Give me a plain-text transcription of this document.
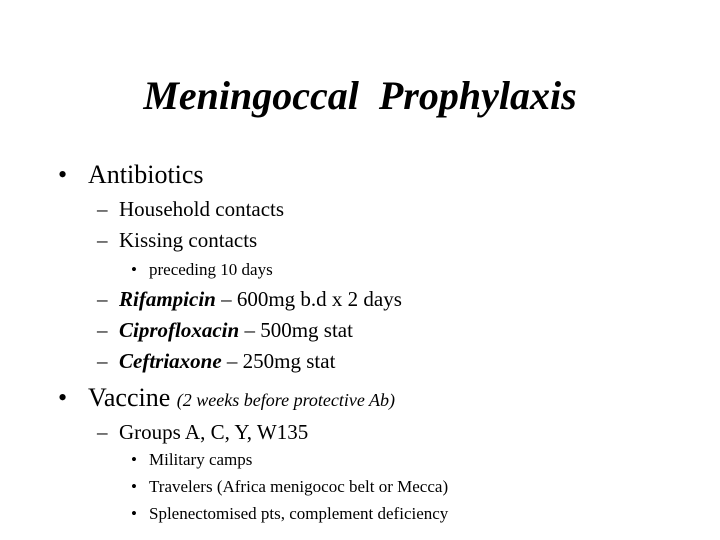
Meningoccal  Prophylaxis
• Antibiotics
– Household contacts
– Kissing contacts
• preceding 10 days
– Rifampicin – 600mg b.d x 2 days
– Ciprofloxacin – 500mg stat
– Ceftriaxone – 250mg stat
• Vaccine (2 weeks before protective Ab)
– Groups A, C, Y, W135
• Military camps
• Travelers (Africa menigococ belt or Mecca)
• Splenectomised pts, complement deficiency
